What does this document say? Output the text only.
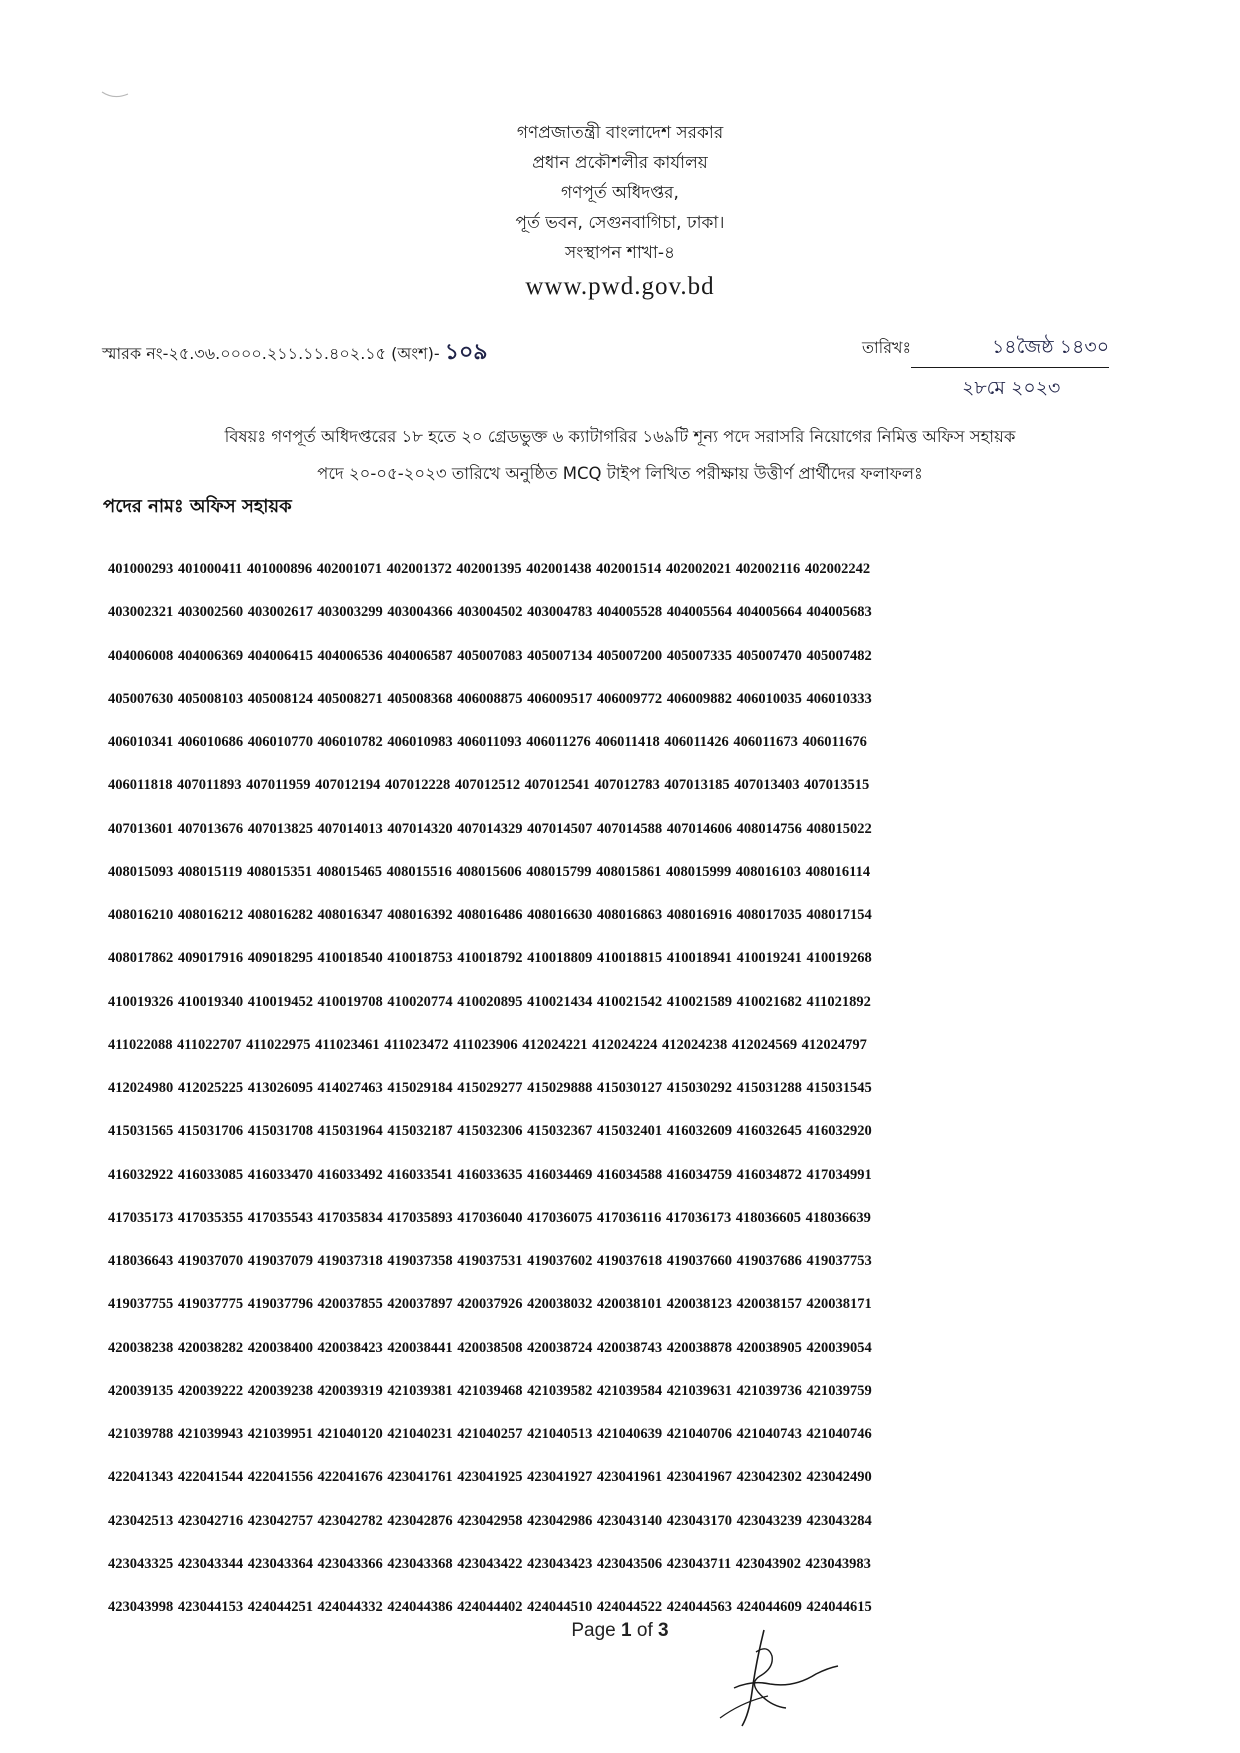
গণপ্রজাতন্ত্রী বাংলাদেশ সরকার
প্রধান প্রকৌশলীর কার্যালয়
গণপূর্ত অধিদপ্তর,
পূর্ত ভবন, সেগুনবাগিচা, ঢাকা।
সংস্থাপন শাখা-৪
www.pwd.gov.bd
স্মারক নং-২৫.৩৬.০০০০.২১১.১১.৪০২.১৫ (অংশ)- ১০৯	তারিখঃ	১৪জৈষ্ঠ ১৪৩০
২৮মে ২০২৩
বিষয়ঃ গণপূর্ত অধিদপ্তরের ১৮ হতে ২০ গ্রেডভুক্ত ৬ ক্যাটাগরির ১৬৯টি শূন্য পদে সরাসরি নিয়োগের নিমিত্ত অফিস সহায়ক
পদে ২০-০৫-২০২৩ তারিখে অনুষ্ঠিত MCQ টাইপ লিখিত পরীক্ষায় উত্তীর্ণ প্রার্থীদের ফলাফলঃ
পদের নামঃ অফিস সহায়ক
401000293 401000411 401000896 402001071 402001372 402001395 402001438 402001514 402002021 402002116 402002242
403002321 403002560 403002617 403003299 403004366 403004502 403004783 404005528 404005564 404005664 404005683
404006008 404006369 404006415 404006536 404006587 405007083 405007134 405007200 405007335 405007470 405007482
405007630 405008103 405008124 405008271 405008368 406008875 406009517 406009772 406009882 406010035 406010333
406010341 406010686 406010770 406010782 406010983 406011093 406011276 406011418 406011426 406011673 406011676
406011818 407011893 407011959 407012194 407012228 407012512 407012541 407012783 407013185 407013403 407013515
407013601 407013676 407013825 407014013 407014320 407014329 407014507 407014588 407014606 408014756 408015022
408015093 408015119 408015351 408015465 408015516 408015606 408015799 408015861 408015999 408016103 408016114
408016210 408016212 408016282 408016347 408016392 408016486 408016630 408016863 408016916 408017035 408017154
408017862 409017916 409018295 410018540 410018753 410018792 410018809 410018815 410018941 410019241 410019268
410019326 410019340 410019452 410019708 410020774 410020895 410021434 410021542 410021589 410021682 411021892
411022088 411022707 411022975 411023461 411023472 411023906 412024221 412024224 412024238 412024569 412024797
412024980 412025225 413026095 414027463 415029184 415029277 415029888 415030127 415030292 415031288 415031545
415031565 415031706 415031708 415031964 415032187 415032306 415032367 415032401 416032609 416032645 416032920
416032922 416033085 416033470 416033492 416033541 416033635 416034469 416034588 416034759 416034872 417034991
417035173 417035355 417035543 417035834 417035893 417036040 417036075 417036116 417036173 418036605 418036639
418036643 419037070 419037079 419037318 419037358 419037531 419037602 419037618 419037660 419037686 419037753
419037755 419037775 419037796 420037855 420037897 420037926 420038032 420038101 420038123 420038157 420038171
420038238 420038282 420038400 420038423 420038441 420038508 420038724 420038743 420038878 420038905 420039054
420039135 420039222 420039238 420039319 421039381 421039468 421039582 421039584 421039631 421039736 421039759
421039788 421039943 421039951 421040120 421040231 421040257 421040513 421040639 421040706 421040743 421040746
422041343 422041544 422041556 422041676 423041761 423041925 423041927 423041961 423041967 423042302 423042490
423042513 423042716 423042757 423042782 423042876 423042958 423042986 423043140 423043170 423043239 423043284
423043325 423043344 423043364 423043366 423043368 423043422 423043423 423043506 423043711 423043902 423043983
423043998 423044153 424044251 424044332 424044386 424044402 424044510 424044522 424044563 424044609 424044615
Page 1 of 3
